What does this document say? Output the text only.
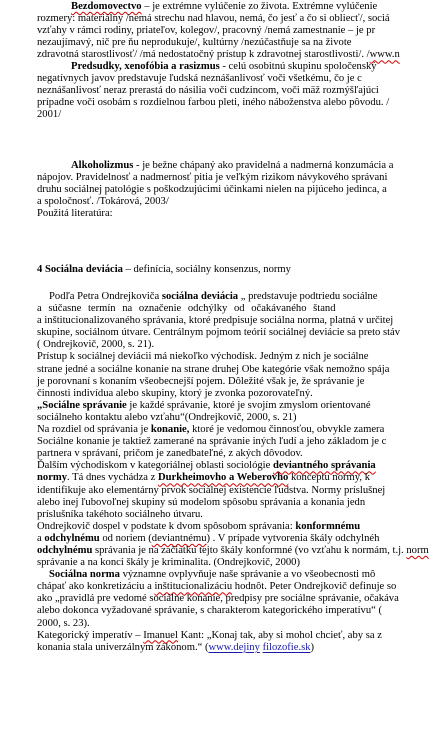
Bezdomovectvo – je extrémne vylúčenie zo života. Extrémne vylúčenie
rozmery: materiálny /nemá strechu nad hlavou, nemá, čo jesť a čo si obliecť/, sociá
vzťahy v rámci rodiny, priateľov, kolegov/, pracovný /nemá zamestnanie – je pr
nezaujímavý, nič pre ňu neprodukuje/, kultúrny /nezúčastňuje sa na živote
zdravotná starostlivosť/ /má nedostatočný prístup k zdravotnej starostlivosti/. /www.n
Predsudky, xenofóbia a rasizmus - celú osobitnú skupinu spoločenský
negatívnych javov predstavuje ľudská neznášanlivosť voči všetkému, čo je c
neznášanlivosť neraz prerastá do násilia voči cudzincom, voči mäž rozmýšľajúci
prípadne voči osobám s rozdielnou farbou pleti, iného náboženstva alebo pôvodu. /
2001/
Alkoholizmus - je bežne chápaný ako pravidelná a nadmerná konzumácia a
nápojov. Pravidelnosť a nadmernosť pitia je veľkým rizikom návykového správani
druhu sociálnej patológie s poškodzujúcimi účinkami nielen na pijúceho jedinca, a
a spoločnosť. /Tokárová, 2003/
Použitá literatúra:
4 Sociálna deviácia – definícia, sociálny konsenzus, normy
Podľa Petra Ondrejkoviča sociálna deviácia „ predstavuje podtriedu sociálne
a súčasne termín na označenie odchýlky od očakávaného štand
a inštitucionalizovaného správania, ktoré predpisuje sociálna norma, platná v určitej
skupine, sociálnom útvare. Centrálnym pojmom teórií sociálnej deviácie sa preto stáv
( Ondrejkovič, 2000, s. 21).
Prístup k sociálnej deviácii má niekoľko východísk. Jedným z nich je sociálne
strane jedné a sociálne konanie na strane druhej Obe kategórie však nemožno spája
je porovnaní s konaním všeobecnejší pojem. Dôležité však je, že správanie je
činnosti indivídua alebo skupiny, ktorý je zvonka pozorovateľný.
„Sociálne správanie je každé správanie, ktoré je svojím zmyslom orientované
sociálneho kontaktu alebo vzťahu“(Ondrejkovič, 2000, s. 21)
Na rozdiel od správania je konanie, ktoré je vedomou činnosťou, obvykle zamera
Sociálne konanie je taktiež zamerané na správanie iných ľudí a jeho základom je c
partnera v správaní, pričom je zanedbateľné, z akých dôvodov.
Ďalším východiskom v kategoriálnej oblasti sociológie deviantného správania
normy. Tá dnes vychádza z Durkheimovho a Weberovho konceptu normy, k
identifikuje ako elementárny prvok sociálnej existencie ľudstva. Normy príslušnej
alebo inej ľubovoľnej skupiny sú modelom spôsobu správania a konania jedn
príslušníka takéhoto sociálneho útvaru.
Ondrejkovič dospel v podstate k dvom spôsobom správania: konformnému
a odchylnému od noriem (deviantnému) . V prípade vytvorenia škály odchylnéh
odchylnému správania je na začiatku tejto škály konformné (vo vzťahu k normám, t.j. norm
správanie a na konci škály je kriminalita. (Ondrejkovič, 2000)
Sociálna norma významne ovplyvňuje naše správanie a vo všeobecnosti mô
chápať ako konkretizáciu a inštitucionalizáciu hodnôt. Peter Ondrejkovič definuje so
ako „pravidlá pre vedomé sociálne konanie, predpisy pre sociálne správanie, očakáva
alebo dokonca vyžadované správanie, s charakterom kategorického imperatívu“ (
2000, s. 23).
Kategorický imperatív – Imanuel Kant: „Konaj tak, aby si mohol chcieť, aby sa z
konania stala univerzálnym zákonom.“ (www.dejiny filozofie.sk)
